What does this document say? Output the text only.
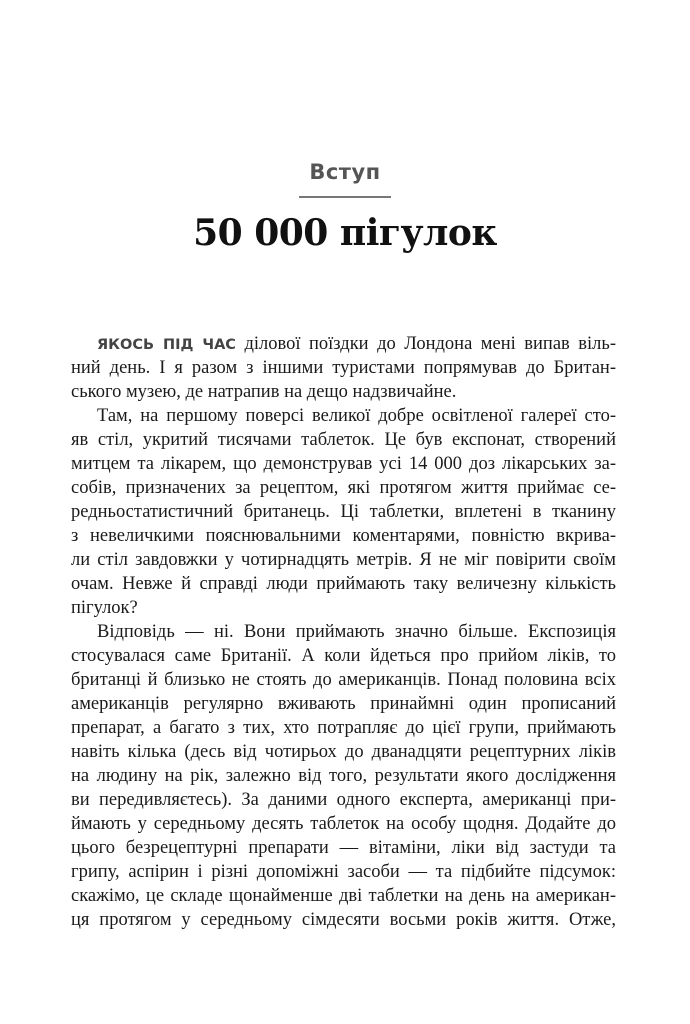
Вступ
50 000 пігулок
ЯКОСЬ ПІД ЧАС ділової поїздки до Лондона мені випав віль-
ний день. І я разом з іншими туристами попрямував до Британ-
ського музею, де натрапив на дещо надзвичайне.
Там, на першому поверсі великої добре освітленої галереї сто-
яв стіл, укритий тисячами таблеток. Це був експонат, створений
митцем та лікарем, що демонстрував усі 14 000 доз лікарських за-
собів, призначених за рецептом, які протягом життя приймає се-
редньостатистичний британець. Ці таблетки, вплетені в тканину
з невеличкими пояснювальними коментарями, повністю вкрива-
ли стіл завдовжки у чотирнадцять метрів. Я не міг повірити своїм
очам. Невже й справді люди приймають таку величезну кількість
пігулок?
Відповідь — ні. Вони приймають значно більше. Експозиція
стосувалася саме Британії. А коли йдеться про прийом ліків, то
британці й близько не стоять до американців. Понад половина всіх
американців регулярно вживають принаймні один прописаний
препарат, а багато з тих, хто потрапляє до цієї групи, приймають
навіть кілька (десь від чотирьох до дванадцяти рецептурних ліків
на людину на рік, залежно від того, результати якого дослідження
ви передивляєтесь). За даними одного експерта, американці при-
ймають у середньому десять таблеток на особу щодня. Додайте до
цього безрецептурні препарати — вітаміни, ліки від застуди та
грипу, аспірин і різні допоміжні засоби — та підбийте підсумок:
скажімо, це складе щонайменше дві таблетки на день на американ-
ця протягом у середньому сімдесяти восьми років життя. Отже,
